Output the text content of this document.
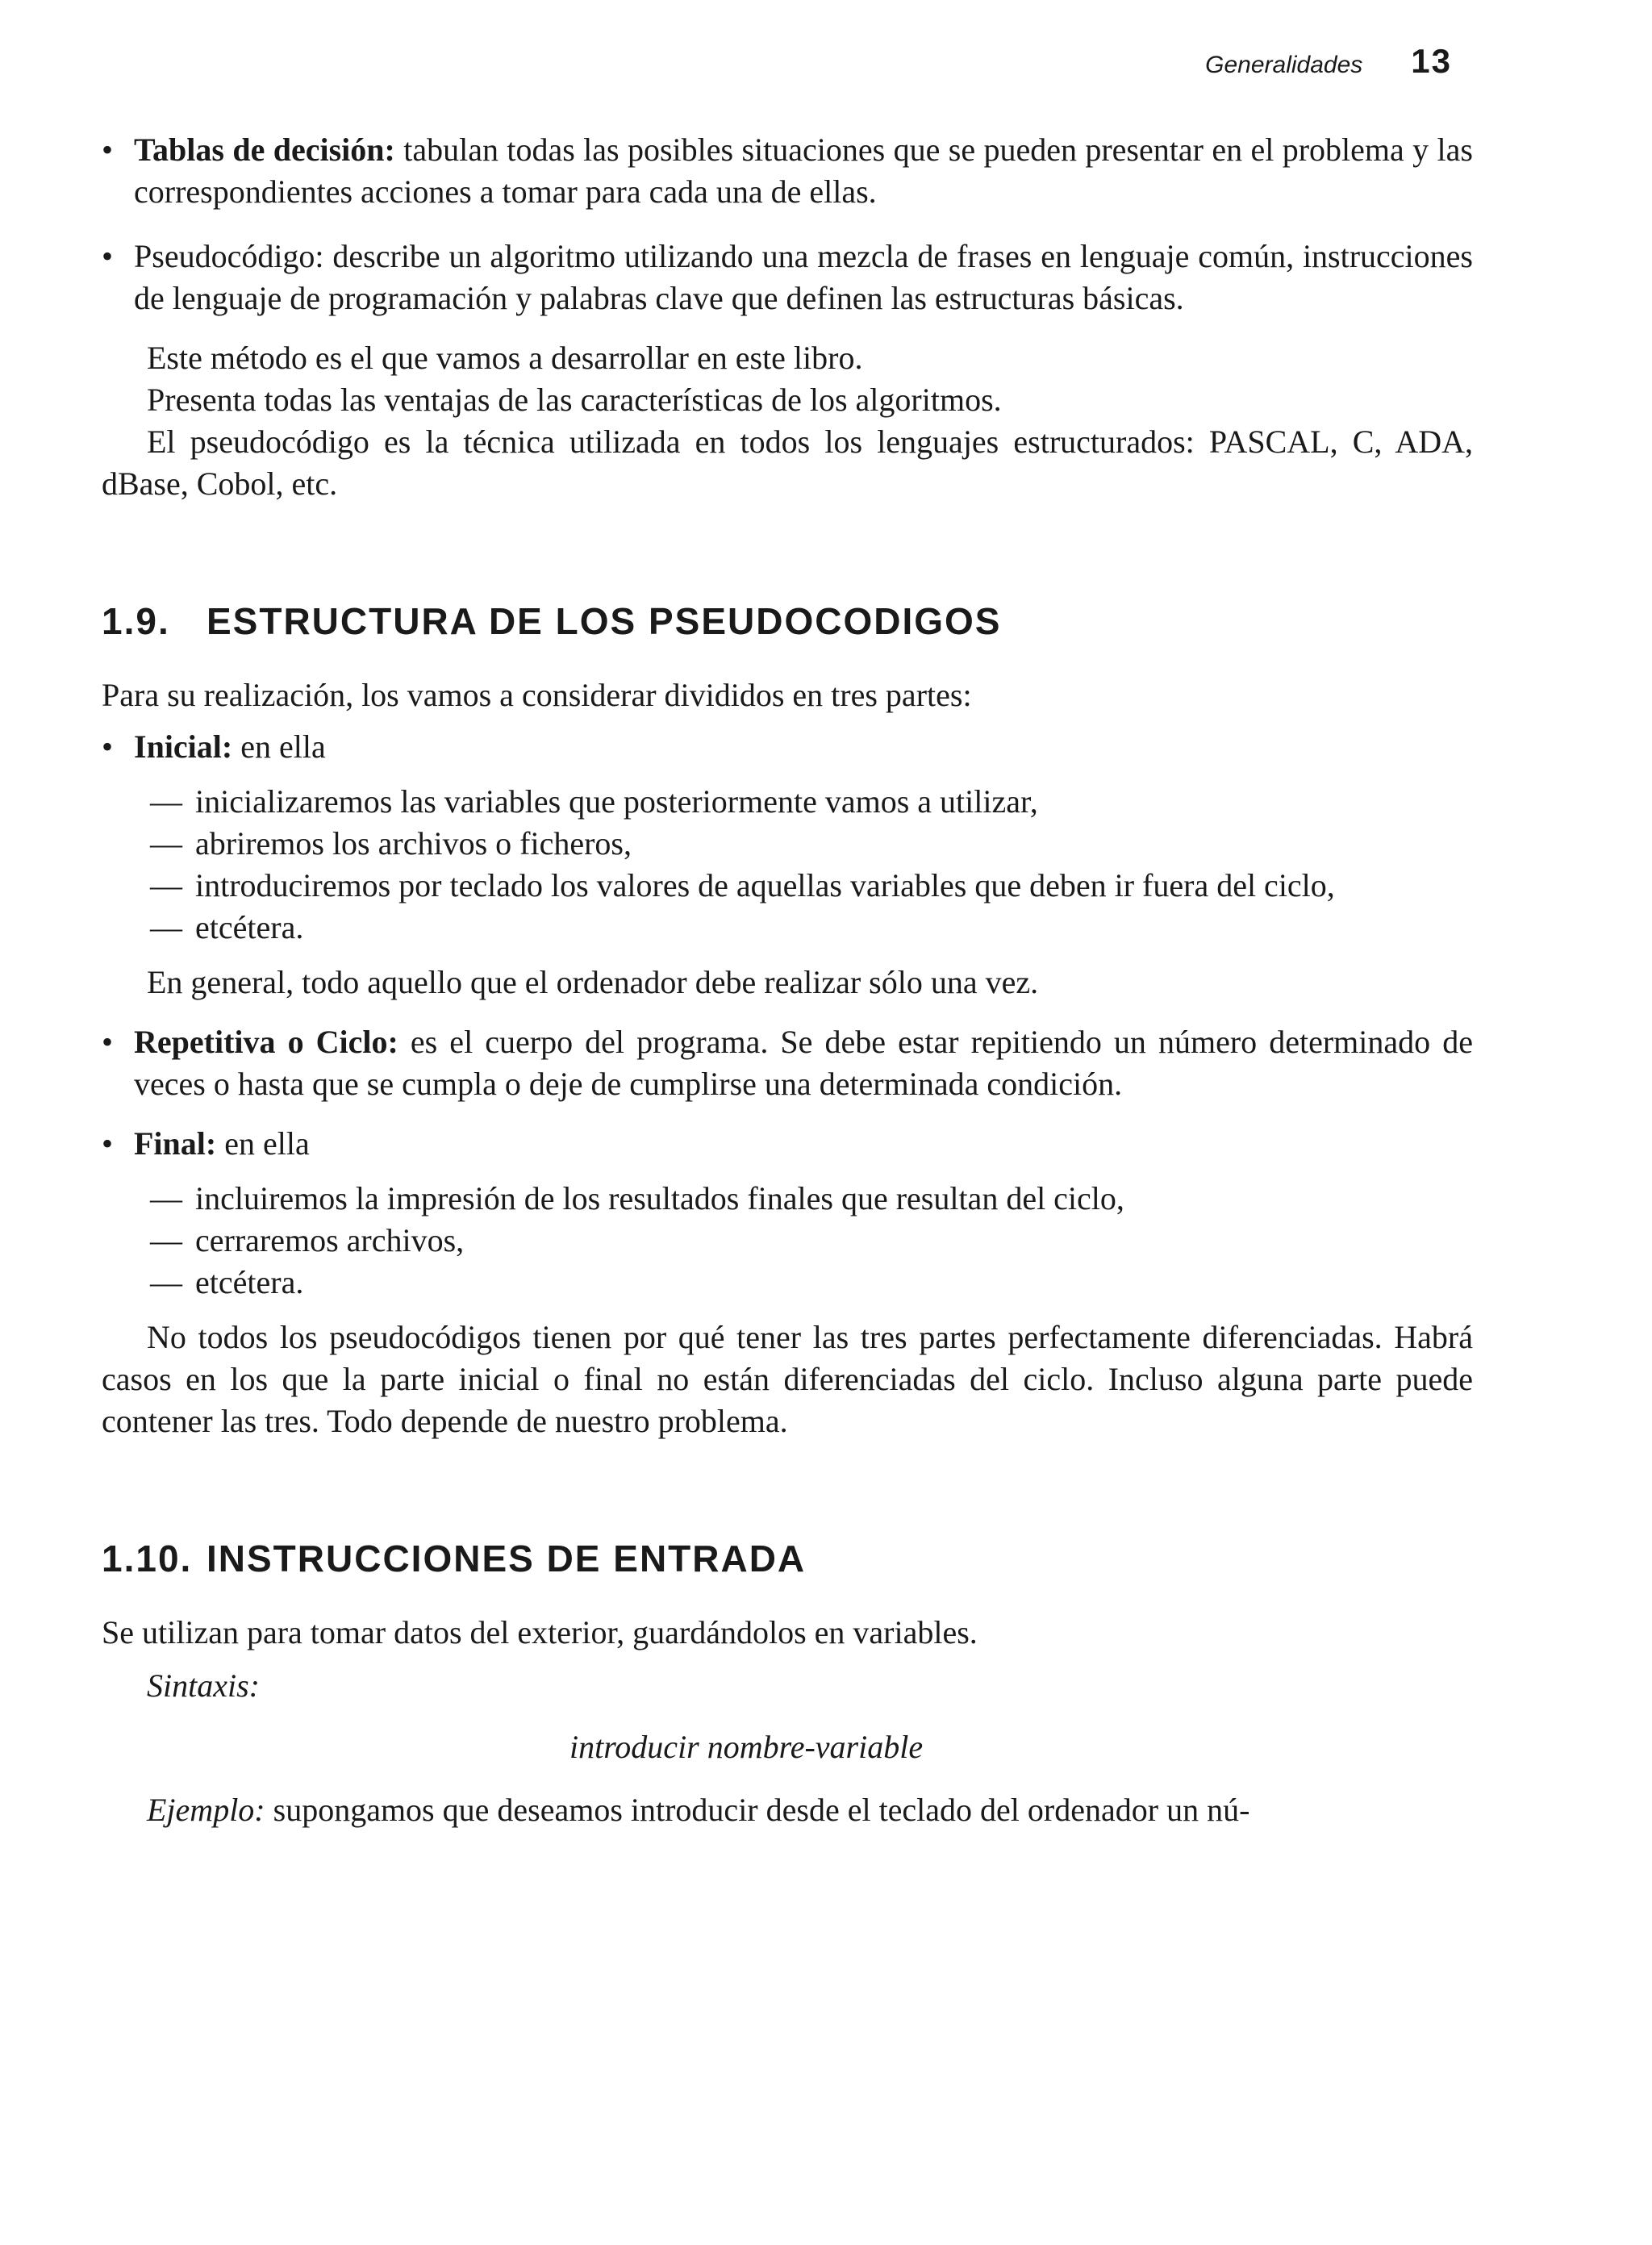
Generalidades 13

• Tablas de decisión: tabulan todas las posibles situaciones que se pueden presentar en el problema y las correspondientes acciones a tomar para cada una de ellas.

• Pseudocódigo: describe un algoritmo utilizando una mezcla de frases en lenguaje común, instrucciones de lenguaje de programación y palabras clave que definen las estructuras básicas.

Este método es el que vamos a desarrollar en este libro.

Presenta todas las ventajas de las características de los algoritmos.

El pseudocódigo es la técnica utilizada en todos los lenguajes estructurados: PASCAL, C, ADA, dBase, Cobol, etc.

1.9. ESTRUCTURA DE LOS PSEUDOCODIGOS

Para su realización, los vamos a considerar divididos en tres partes:

• Inicial: en ella

— inicializaremos las variables que posteriormente vamos a utilizar,

— abriremos los archivos o ficheros,

— introduciremos por teclado los valores de aquellas variables que deben ir fuera del ciclo,

— etcétera.

En general, todo aquello que el ordenador debe realizar sólo una vez.

• Repetitiva o Ciclo: es el cuerpo del programa. Se debe estar repitiendo un número determinado de veces o hasta que se cumpla o deje de cumplirse una determinada condición.

• Final: en ella

— incluiremos la impresión de los resultados finales que resultan del ciclo,

— cerraremos archivos,

— etcétera.

No todos los pseudocódigos tienen por qué tener las tres partes perfectamente diferenciadas. Habrá casos en los que la parte inicial o final no están diferenciadas del ciclo. Incluso alguna parte puede contener las tres. Todo depende de nuestro problema.

1.10. INSTRUCCIONES DE ENTRADA

Se utilizan para tomar datos del exterior, guardándolos en variables.

Sintaxis:

introducir nombre-variable

Ejemplo: supongamos que deseamos introducir desde el teclado del ordenador un nú-
